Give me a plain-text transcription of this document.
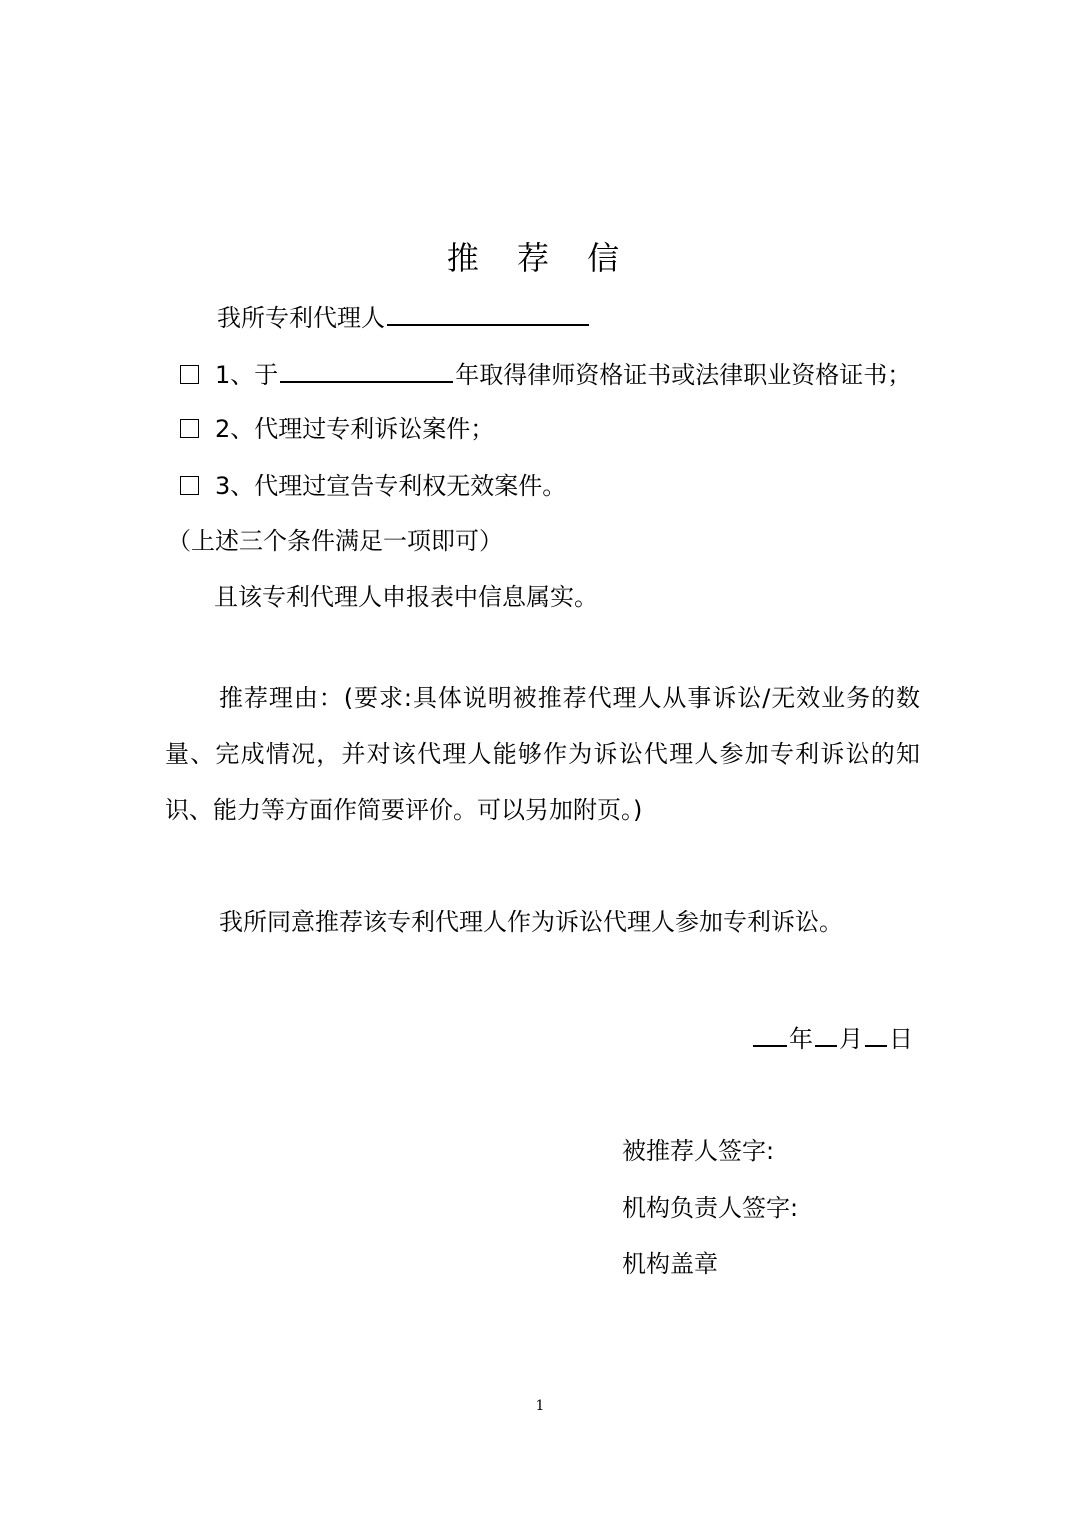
推 荐 信
我所专利代理人
1、于	年取得律师资格证书或法律职业资格证书；
2、代理过专利诉讼案件；
3、代理过宣告专利权无效案件。
（上述三个条件满足一项即可）
且该专利代理人申报表中信息属实。
推荐理由：(要求:具体说明被推荐代理人从事诉讼/无效业务的数量、完成情况，并对该代理人能够作为诉讼代理人参加专利诉讼的知识、能力等方面作简要评价。可以另加附页。)
我所同意推荐该专利代理人作为诉讼代理人参加专利诉讼。
年 月 日
被推荐人签字:
机构负责人签字:
机构盖章
1
